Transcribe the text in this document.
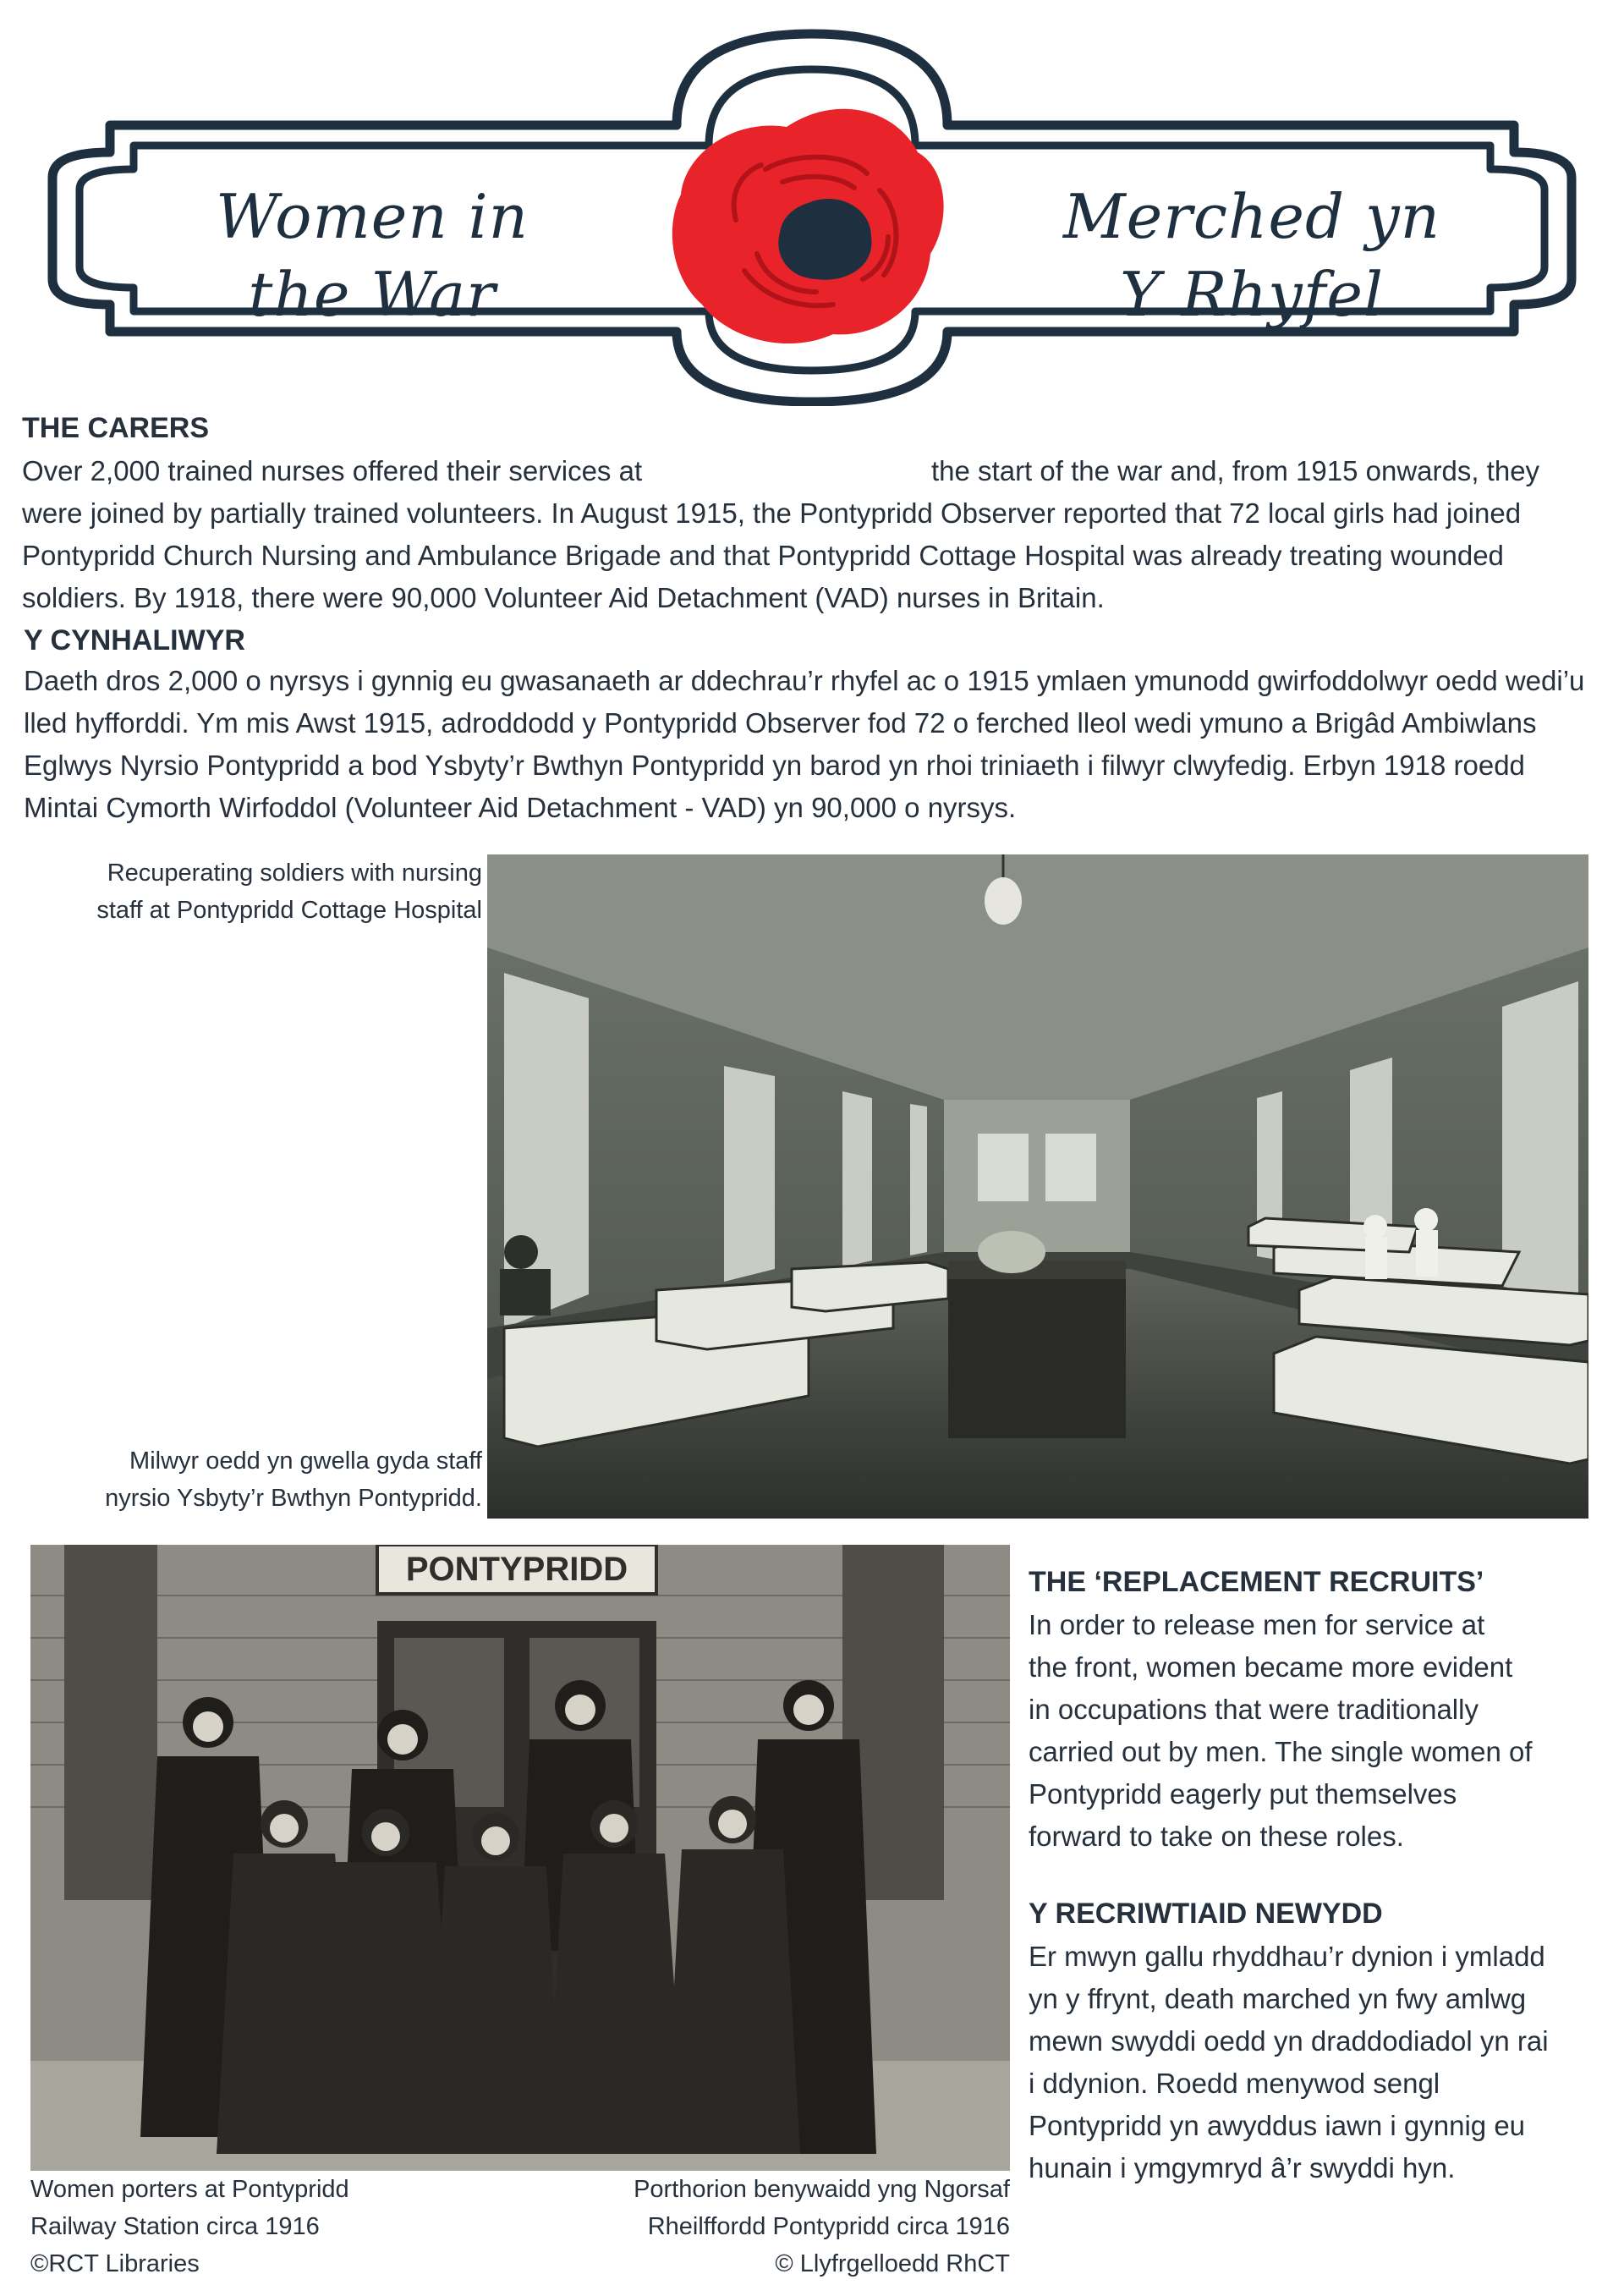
Women in
the War
Merched yn
Y Rhyfel
THE CARERS
Over 2,000 trained nurses offered their services at	the start of the war and, from 1915 onwards, they

were joined by partially trained volunteers. In August 1915, the Pontypridd Observer reported that 72 local girls had joined Pontypridd Church Nursing and Ambulance Brigade and that Pontypridd Cottage Hospital was already treating wounded soldiers. By 1918, there were 90,000 Volunteer Aid Detachment (VAD) nurses in Britain.

Y CYNHALIWYR

Daeth dros 2,000 o nyrsys i gynnig eu gwasanaeth ar ddechrau’r rhyfel ac o 1915 ymlaen ymunodd gwirfoddolwyr oedd wedi’u lled hyfforddi. Ym mis Awst 1915, adroddodd y Pontypridd Observer fod 72 o ferched lleol wedi ymuno a Brigâd Ambiwlans Eglwys Nyrsio Pontypridd a bod Ysbyty’r Bwthyn Pontypridd yn barod yn rhoi triniaeth i filwyr clwyfedig. Erbyn 1918 roedd Mintai Cymorth Wirfoddol (Volunteer Aid Detachment - VAD) yn 90,000 o nyrsys.

Recuperating soldiers with nursing
staff at Pontypridd Cottage Hospital
Milwyr oedd yn gwella gyda staff
nyrsio Ysbyty’r Bwthyn Pontypridd.
PONTYPRIDD
Women porters at Pontypridd
Railway Station circa 1916
©RCT Libraries
Porthorion benywaidd yng Ngorsaf
Rheilffordd Pontypridd circa 1916
© Llyfrgelloedd RhCT
THE ‘REPLACEMENT RECRUITS’
In order to release men for service at
the front, women became more evident
in occupations that were traditionally
carried out by men. The single women of
Pontypridd eagerly put themselves
forward to take on these roles.
Y RECRIWTIAID NEWYDD
Er mwyn gallu rhyddhau’r dynion i ymladd
yn y ffrynt, death marched yn fwy amlwg
mewn swyddi oedd yn draddodiadol yn rai
i ddynion. Roedd menywod sengl
Pontypridd yn awyddus iawn i gynnig eu
hunain i ymgymryd â’r swyddi hyn.
